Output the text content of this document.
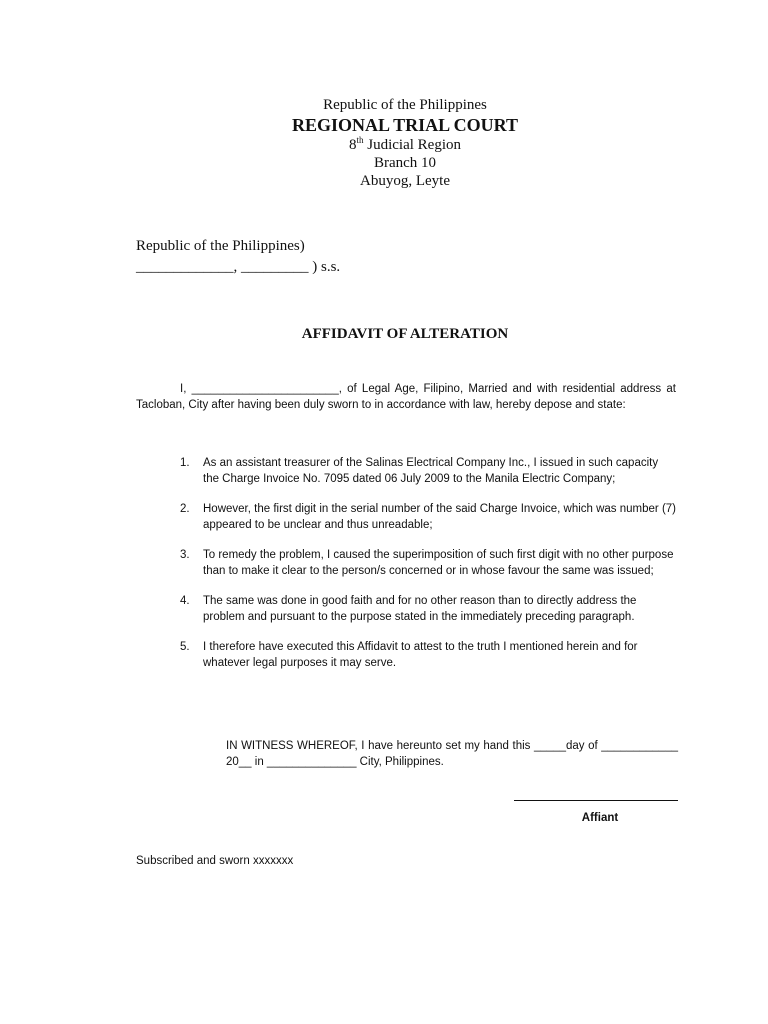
Republic of the Philippines
REGIONAL TRIAL COURT
8th Judicial Region
Branch 10
Abuyog, Leyte
Republic of the Philippines)
_____________, _________ ) s.s.
AFFIDAVIT OF ALTERATION
I, _______________________, of Legal Age, Filipino, Married and with residential address at Tacloban, City after having been duly sworn to in accordance with law, hereby depose and state:
1.	As an assistant treasurer of the Salinas Electrical Company Inc., I issued in such capacity the Charge Invoice No. 7095 dated 06 July 2009 to the Manila Electric Company;
2.	However, the first digit in the serial number of the said Charge Invoice, which was number (7) appeared to be unclear and thus unreadable;
3.	To remedy the problem, I caused the superimposition of such first digit with no other purpose than to make it clear to the person/s concerned or in whose favour the same was issued;
4.	The same was done in good faith and for no other reason than to directly address the problem and pursuant to the purpose stated in the immediately preceding paragraph.
5.	I therefore have executed this Affidavit to attest to the truth I mentioned herein and for whatever legal purposes it may serve.
IN WITNESS WHEREOF, I have hereunto set my hand this _____day of ____________ 20__ in ______________ City, Philippines.
Affiant
Subscribed and sworn xxxxxxx
